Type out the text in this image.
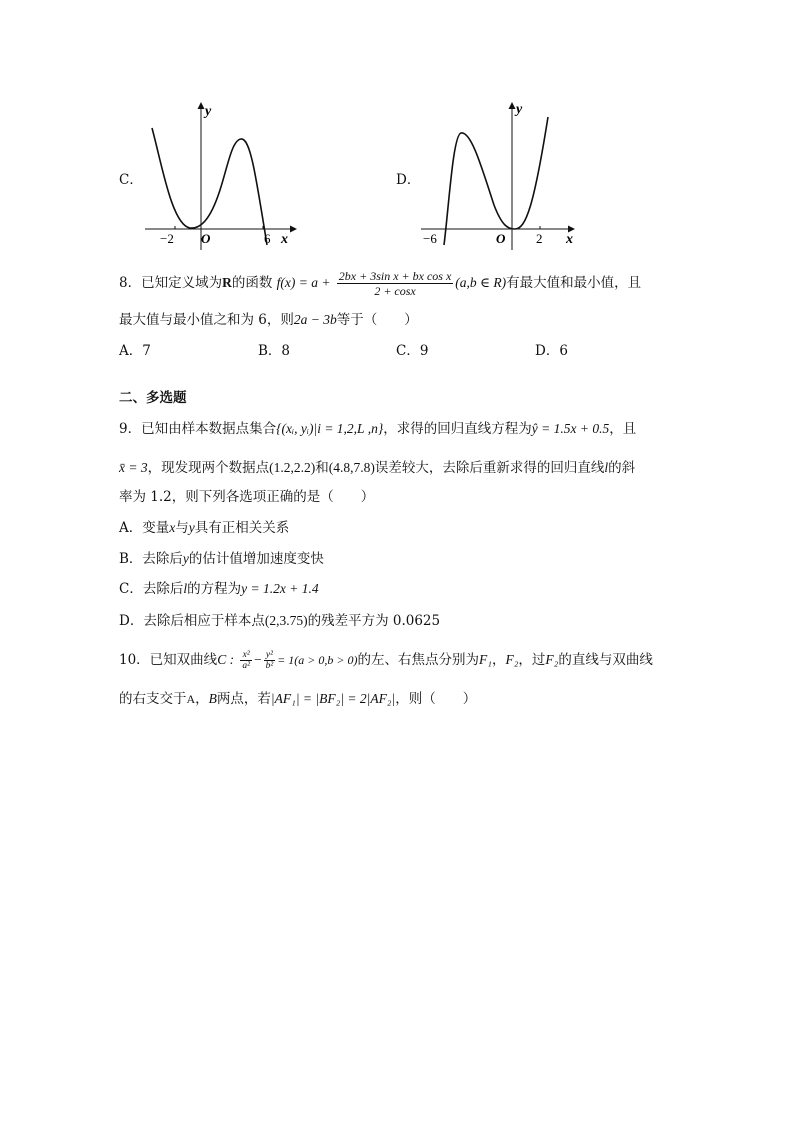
C．
y
x
O
−2	6
D．
y
x
O
−6	2
8．已知定义域为R的函数 $f(x) = a + \frac{\text{2bx + 3sin x + bx cos x}}{2 + \cos x} (a,b$ ∈ R)有最大值和最小值，且
最大值与最小值之和为 6，则2a − 3b等于（　　）
A．7	B．8	C．9	D．6
二、多选题
9．已知由样本数据点集合{(xᵢ, yᵢ)|i = 1,2,L ,n}，求得的回归直线方程为ŷ = 1.5x + 0.5，且
x̄ = 3，现发现两个数据点(1.2,2.2)和(4.8,7.8)误差较大，去除后重新求得的回归直线l的斜
率为 1.2，则下列各选项正确的是（　　）
A．变量x与y具有正相关关系
B．去除后y的估计值增加速度变快
C．去除后l的方程为y = 1.2x + 1.4
D．去除后相应于样本点(2,3.75)的残差平方为 0.0625
10．已知双曲线C : $\frac{\text{x²}}{\text{a²}} - \frac{\text{y²}}{\text{b²}} = 1(a > 0,b > 0)$的左、右焦点分别为F₁，F₂，过F₂的直线与双曲线
的右支交于A，B两点，若|AF₁| = |BF₂| = 2|AF₂|，则（　　）
